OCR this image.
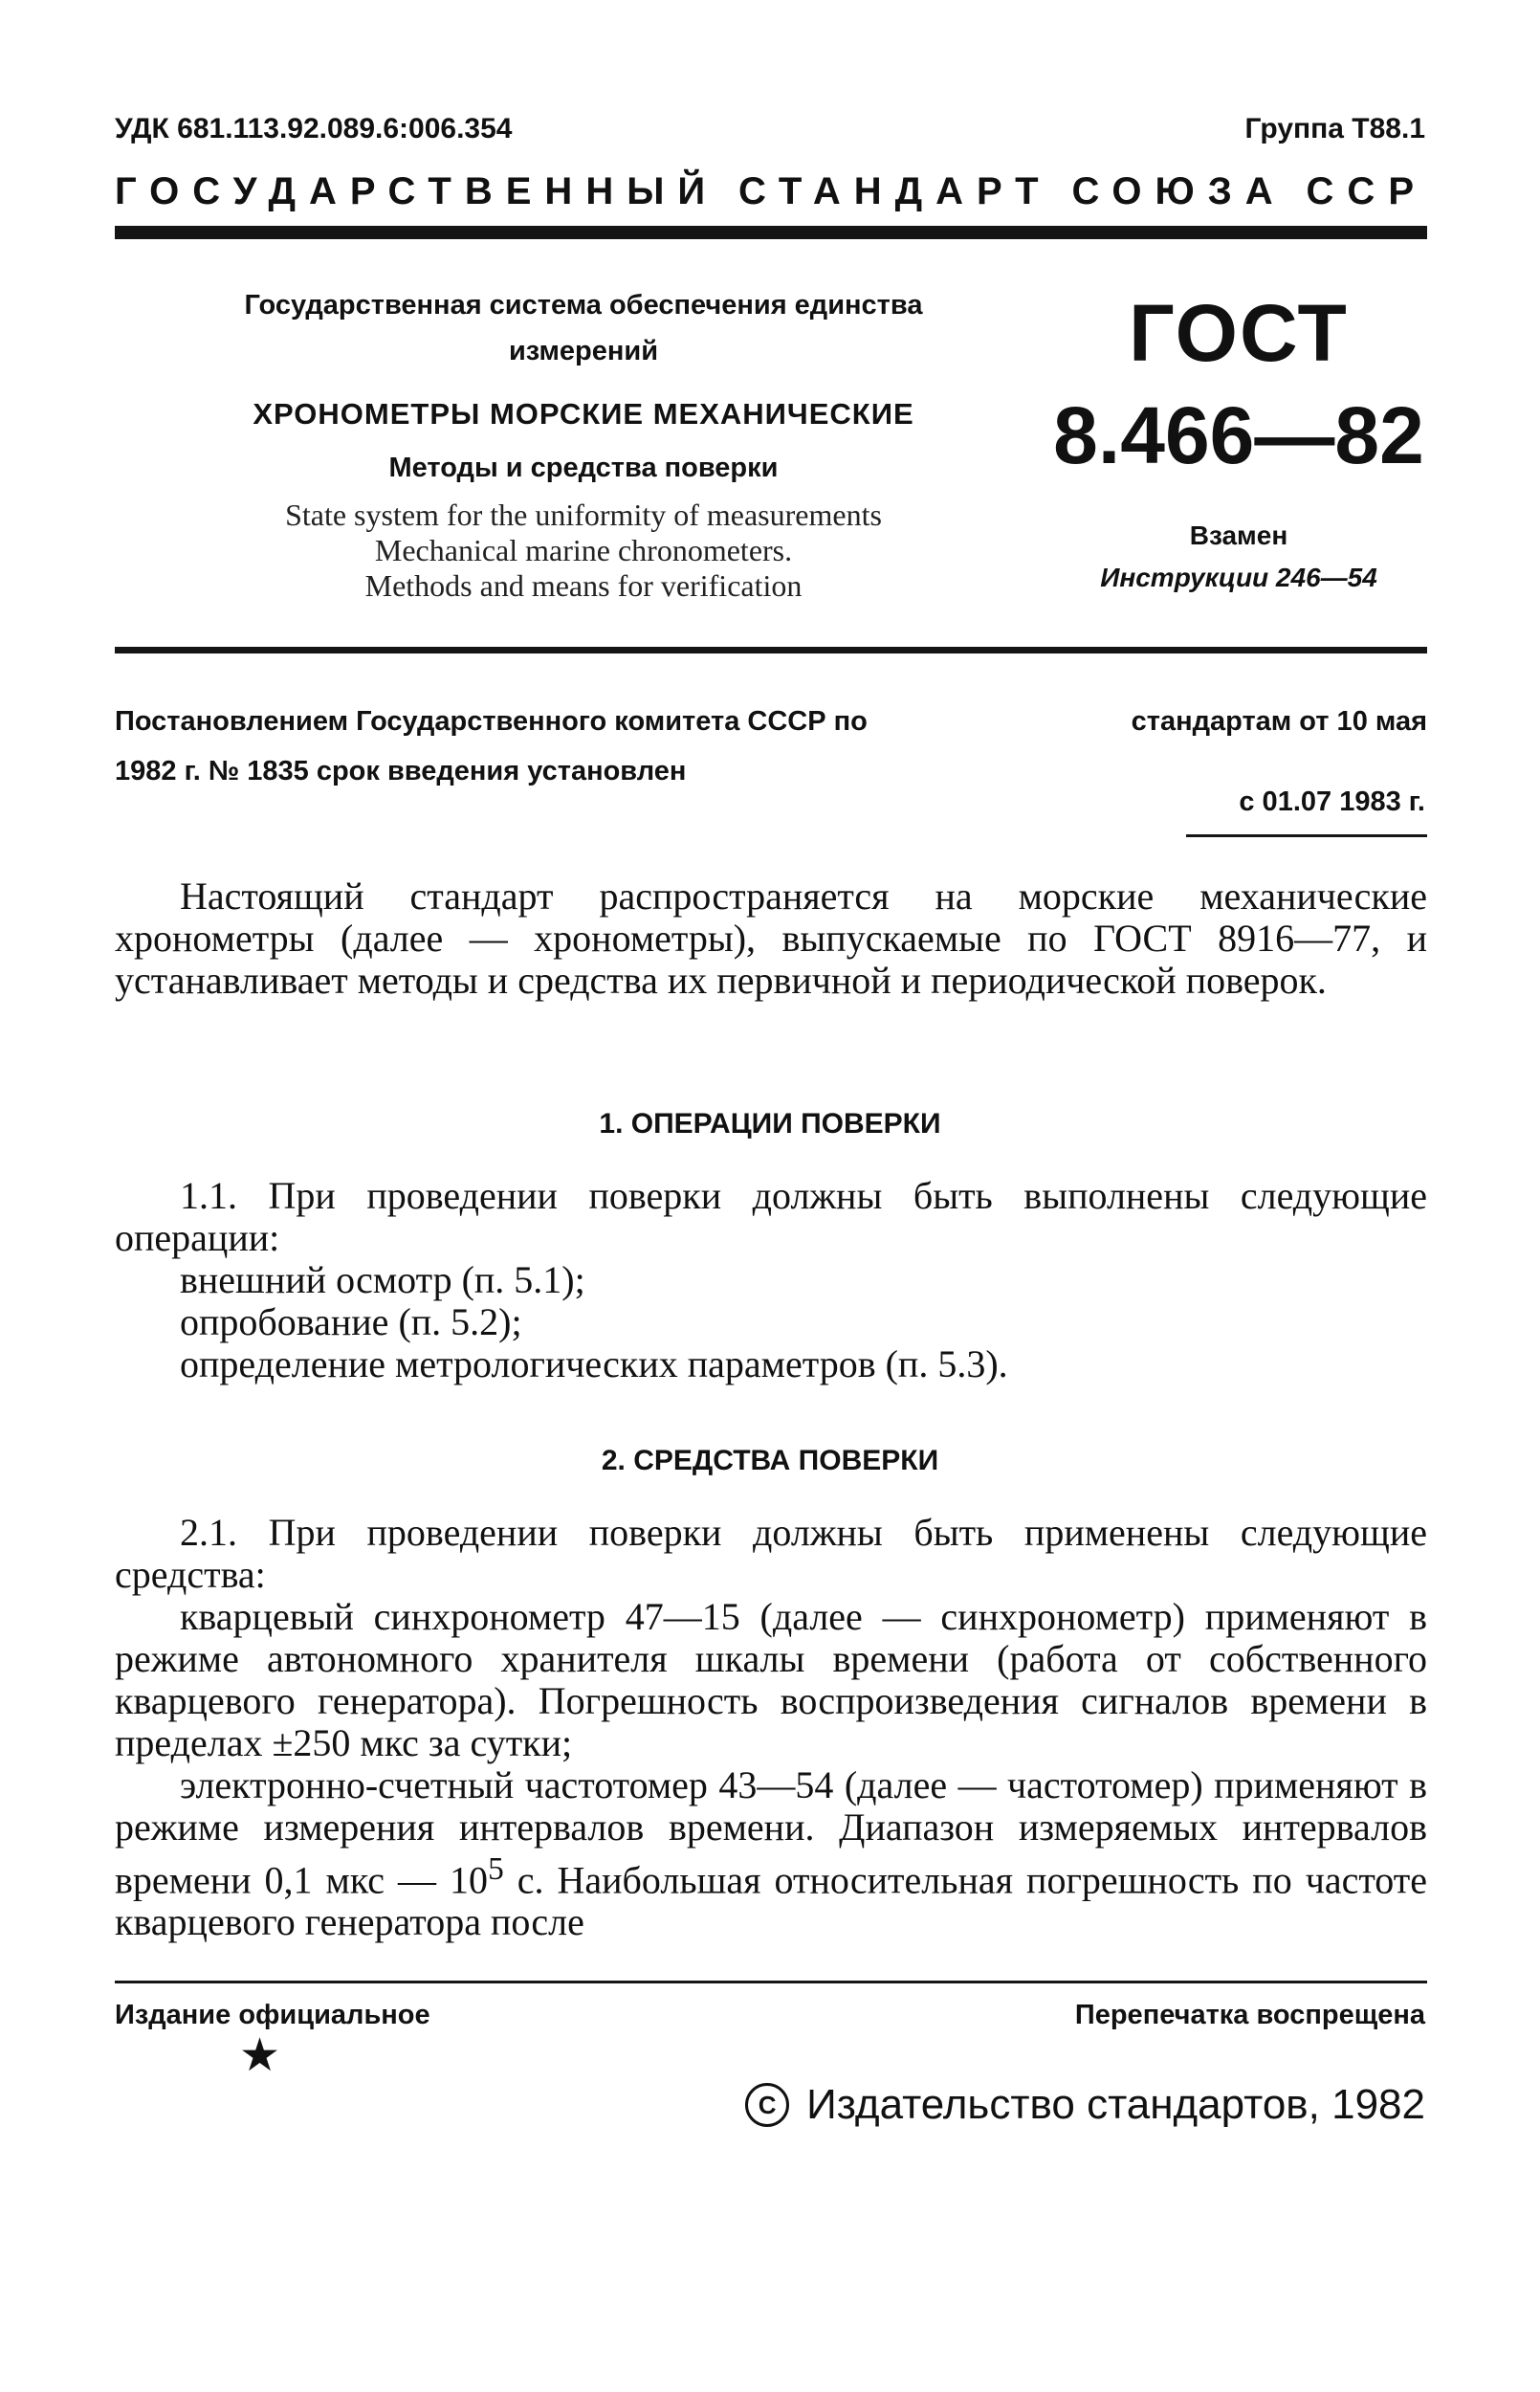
УДК 681.113.92.089.6:006.354	Группа Т88.1
ГОСУДАРСТВЕННЫЙ СТАНДАРТ СОЮЗА ССР
Государственная система обеспечения единства
измерений
ХРОНОМЕТРЫ МОРСКИЕ МЕХАНИЧЕСКИЕ
Методы и средства поверки
State system for the uniformity of measurements
Mechanical marine chronometers.
Methods and means for verification
ГОСТ
8.466—82
Взамен
Инструкции 246—54
Постановлением Государственного комитета СССР по	стандартам от 10 мая
1982 г. № 1835 срок введения установлен
с 01.07 1983 г.
Настоящий стандарт распространяется на морские механические хронометры (далее — хронометры), выпускаемые по ГОСТ 8916—77, и устанавливает методы и средства их первичной и периодической поверок.
1. ОПЕРАЦИИ ПОВЕРКИ
1.1. При проведении поверки должны быть выполнены следующие операции:
внешний осмотр (п. 5.1);
опробование (п. 5.2);
определение метрологических параметров (п. 5.3).
2. СРЕДСТВА ПОВЕРКИ
2.1. При проведении поверки должны быть применены следующие средства:
кварцевый синхронометр 47—15 (далее — синхронометр) применяют в режиме автономного хранителя шкалы времени (работа от собственного кварцевого генератора). Погрешность воспроизведения сигналов времени в пределах ±250 мкс за сутки;
электронно-счетный частотомер 43—54 (далее — частотомер) применяют в режиме измерения интервалов времени. Диапазон измеряемых интервалов времени 0,1 мкс — $10^5$ с. Наибольшая относительная погрешность по частоте кварцевого генератора после
Издание официальное	Перепечатка воспрещена
★
C Издательство стандартов, 1982
